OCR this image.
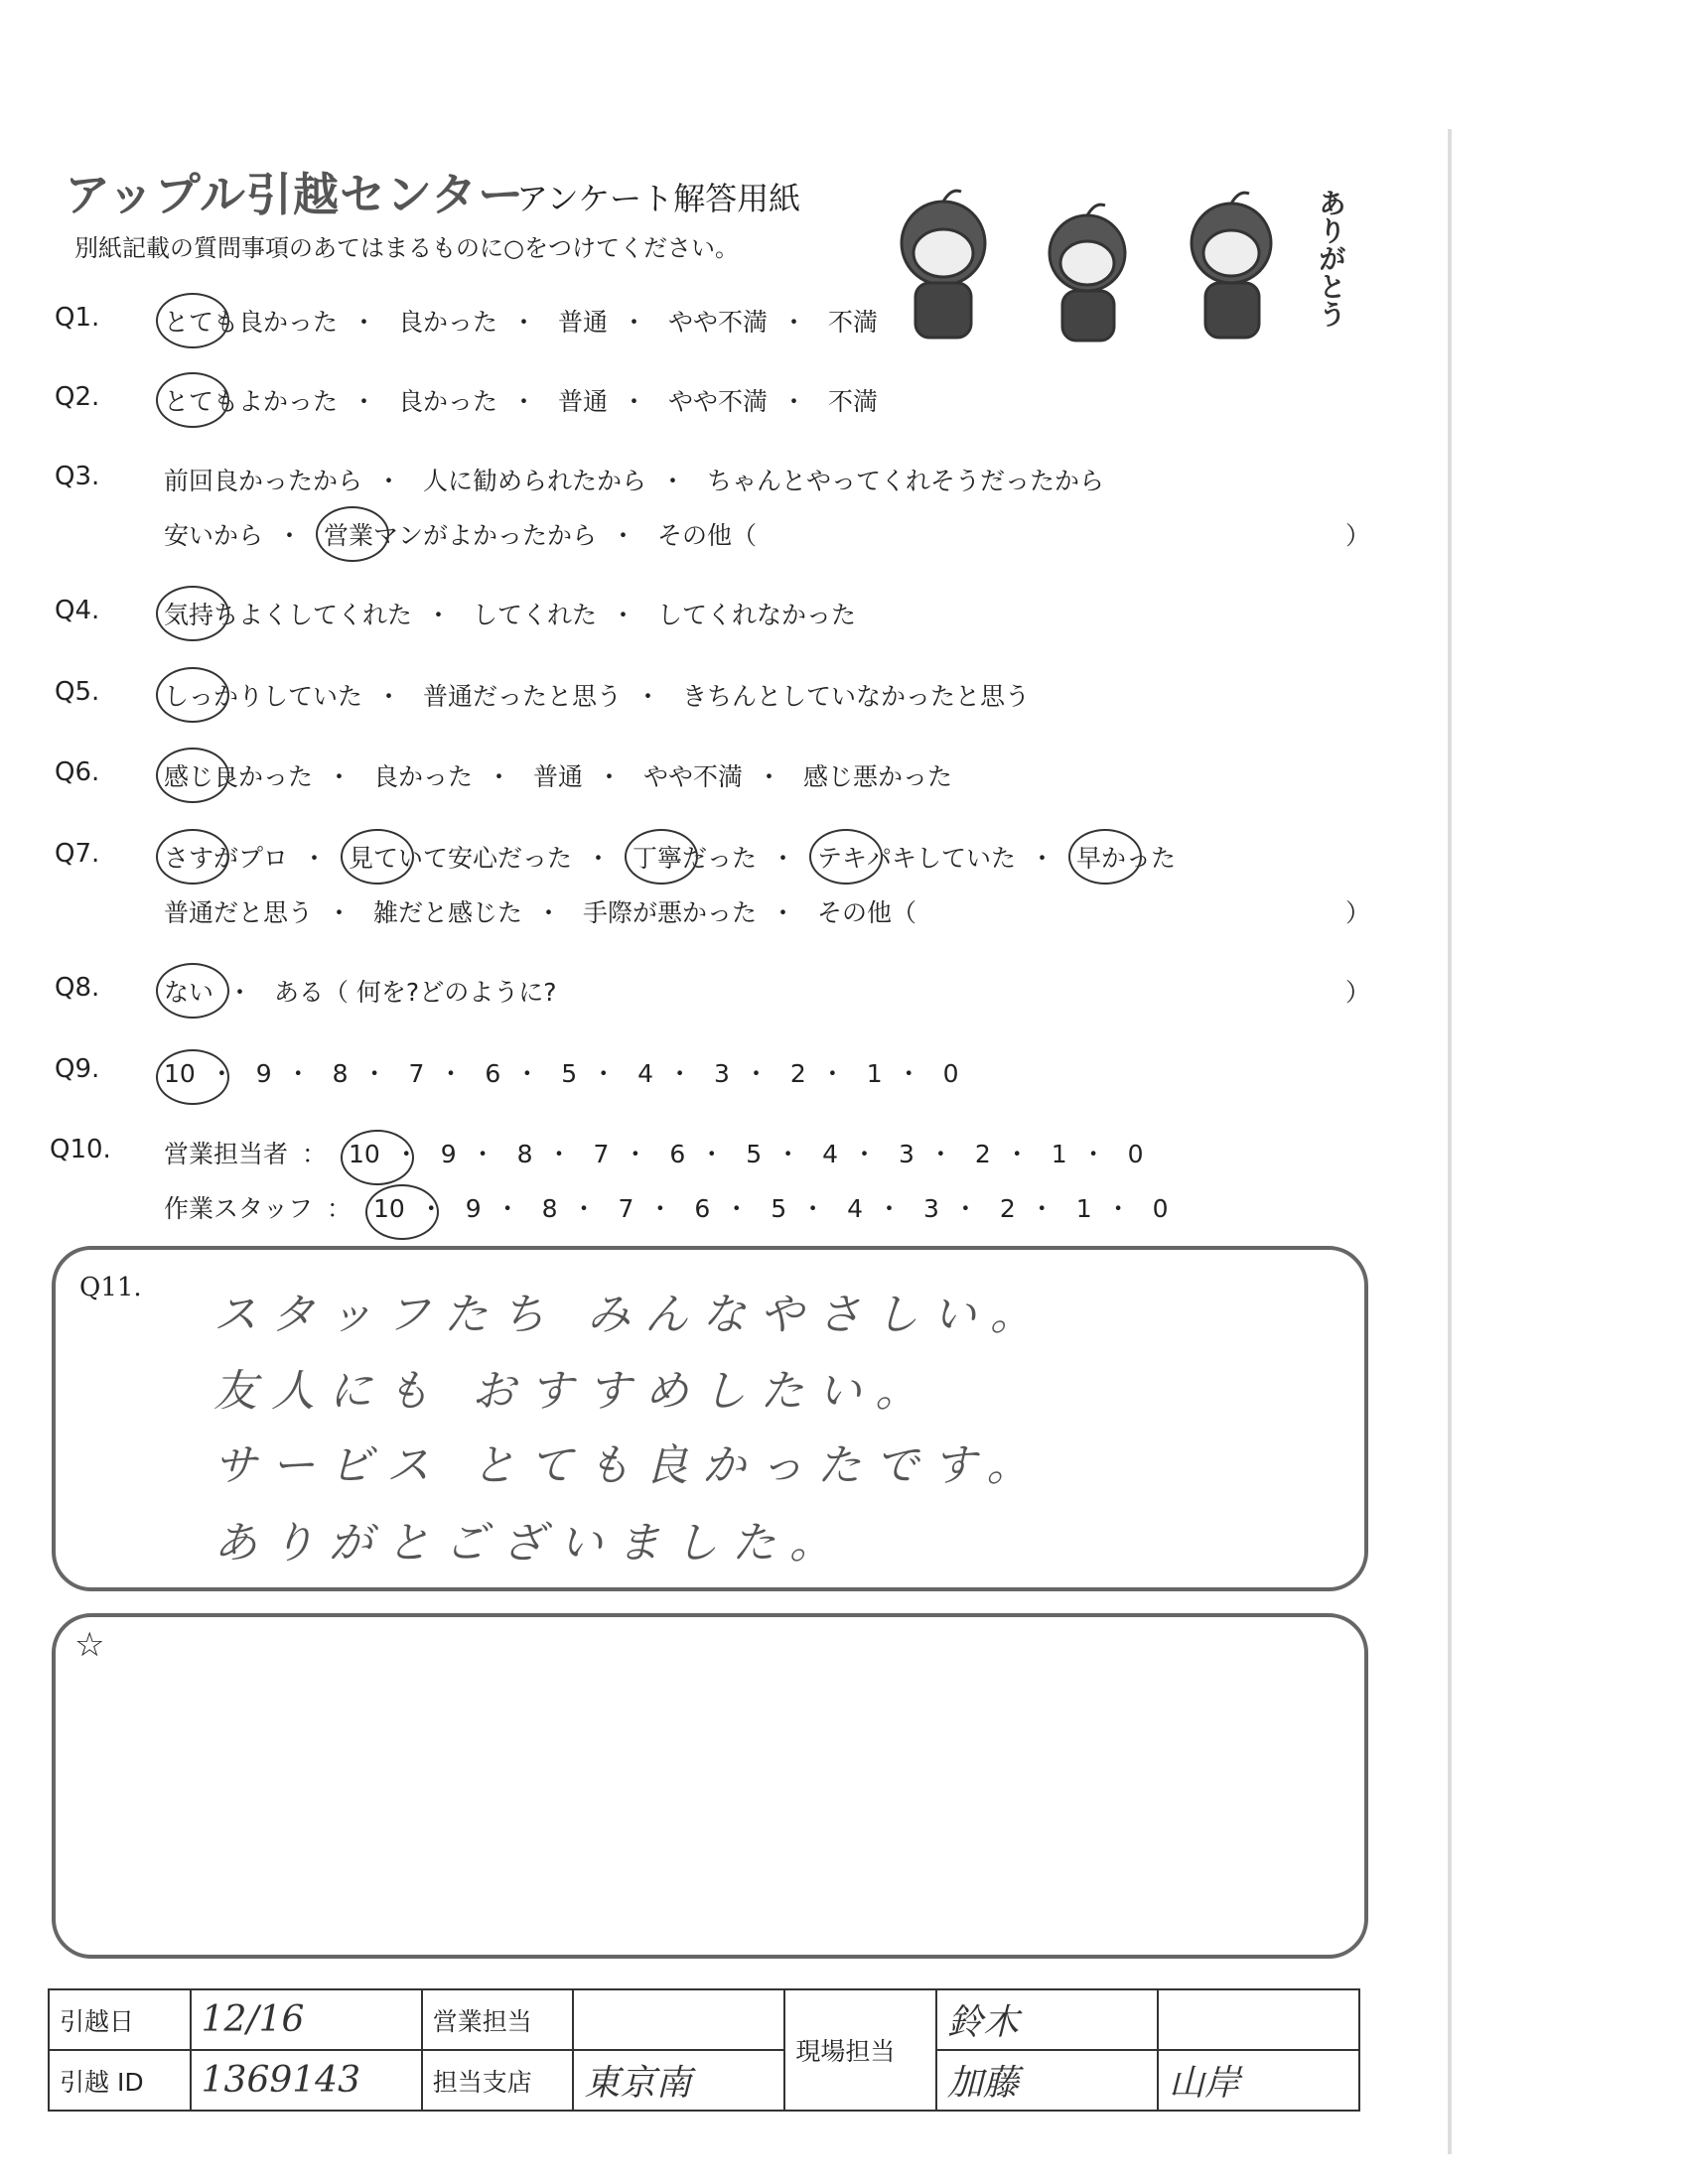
アップル引越センター
アンケート解答用紙
別紙記載の質問事項のあてはまるものに○をつけてください。	ありがとう
Q1.	とても良かった ・ 良かった ・ 普通 ・ やや不満 ・ 不満
Q2.	とてもよかった ・ 良かった ・ 普通 ・ やや不満 ・ 不満
Q3.	前回良かったから ・ 人に勧められたから ・ ちゃんとやってくれそうだったから
安いから ・ 営業マンがよかったから ・ その他（	）
Q4.	気持ちよくしてくれた ・ してくれた ・ してくれなかった
Q5.	しっかりしていた ・ 普通だったと思う ・ きちんとしていなかったと思う
Q6.	感じ良かった ・ 良かった ・ 普通 ・ やや不満 ・ 感じ悪かった
Q7.	さすがプロ ・ 見ていて安心だった ・ 丁寧だった ・ テキパキしていた ・ 早かった
普通だと思う ・ 雑だと感じた ・ 手際が悪かった ・ その他（	）
Q8.	ない ・ ある（ 何を?どのように?	）
Q9.	10 ・ 9 ・ 8 ・ 7 ・ 6 ・ 5 ・ 4 ・ 3 ・ 2 ・ 1 ・ 0
Q10. 営業担当者 ： 10 ・ 9 ・ 8 ・ 7 ・ 6 ・ 5 ・ 4 ・ 3 ・ 2 ・ 1 ・ 0
作業スタッフ ： 10 ・ 9 ・ 8 ・ 7 ・ 6 ・ 5 ・ 4 ・ 3 ・ 2 ・ 1 ・ 0
Q11.
スタッフたち みんなやさしい。
友人にも おすすめしたい。
サービス とても良かったです。
ありがとございました。
☆
引越日	12/16	営業担当		現場担当	鈴木	
引越 ID	1369143	担当支店	東京南		加藤	山岸
